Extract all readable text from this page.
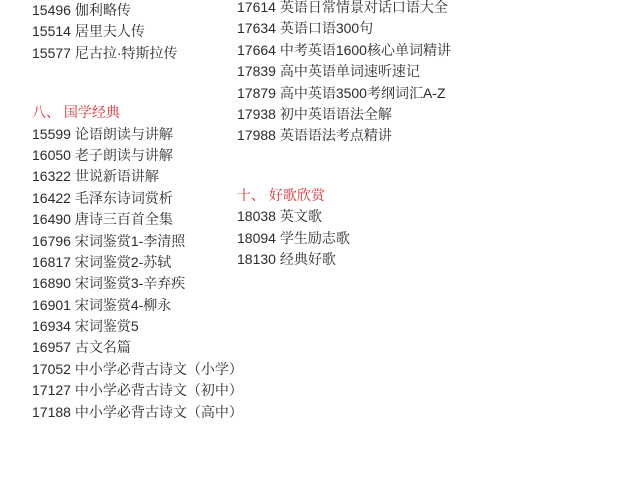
15496 伽利略传
15514 居里夫人传
15577 尼古拉·特斯拉传
八、 国学经典
15599 论语朗读与讲解
16050 老子朗读与讲解
16322 世说新语讲解
16422 毛泽东诗词赏析
16490 唐诗三百首全集
16796 宋词鉴赏1-李清照
16817 宋词鉴赏2-苏轼
16890 宋词鉴赏3-辛弃疾
16901 宋词鉴赏4-柳永
16934 宋词鉴赏5
16957 古文名篇
17052 中小学必背古诗文（小学）
17127 中小学必背古诗文（初中）
17188 中小学必背古诗文（高中）
17614 英语日常情景对话口语大全
17634 英语口语300句
17664 中考英语1600核心单词精讲
17839 高中英语单词速听速记
17879 高中英语3500考纲词汇A-Z
17938 初中英语语法全解
17988 英语语法考点精讲
十、 好歌欣赏
18038 英文歌
18094 学生励志歌
18130 经典好歌
